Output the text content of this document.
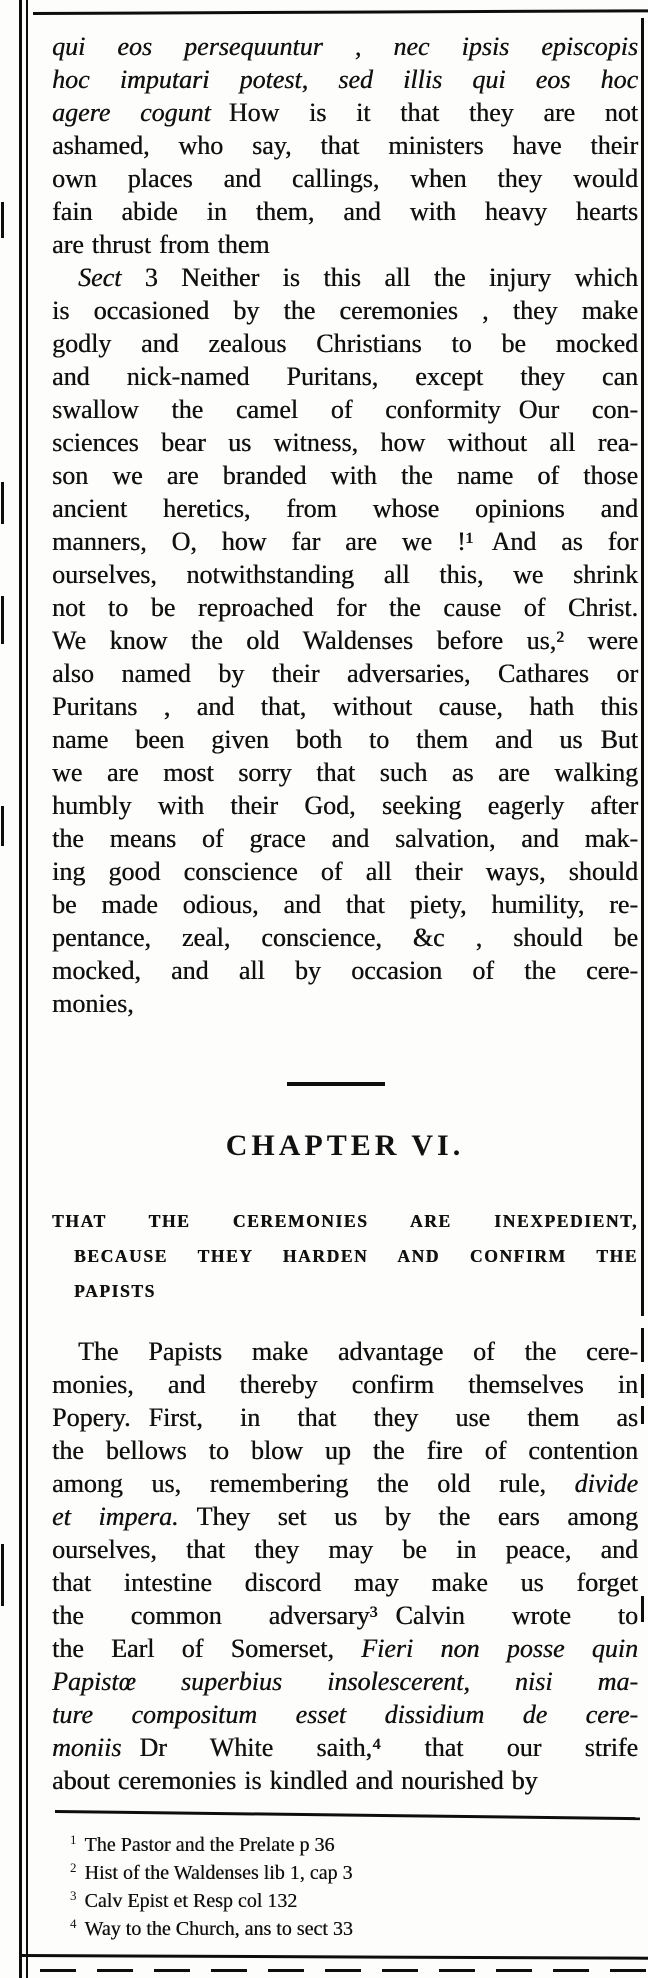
qui eos persequuntur , nec ipsis episcopis
hoc imputari potest, sed illis qui eos hoc
agere cogunt How is it that they are not
ashamed, who say, that ministers have their
own places and callings, when they would
fain abide in them, and with heavy hearts
are thrust from them
Sect 3 Neither is this all the injury which
is occasioned by the ceremonies , they make
godly and zealous Christians to be mocked
and nick-named Puritans, except they can
swallow the camel of conformity Our con-
sciences bear us witness, how without all rea-
son we are branded with the name of those
ancient heretics, from whose opinions and
manners, O, how far are we !¹ And as for
ourselves, notwithstanding all this, we shrink
not to be reproached for the cause of Christ.
We know the old Waldenses before us,² were
also named by their adversaries, Cathares or
Puritans , and that, without cause, hath this
name been given both to them and us But
we are most sorry that such as are walking
humbly with their God, seeking eagerly after
the means of grace and salvation, and mak-
ing good conscience of all their ways, should
be made odious, and that piety, humility, re-
pentance, zeal, conscience, &c , should be
mocked, and all by occasion of the cere-
monies,
CHAPTER VI.
THAT THE CEREMONIES ARE INEXPEDIENT,
BECAUSE THEY HARDEN AND CONFIRM THE
PAPISTS
The Papists make advantage of the cere-
monies, and thereby confirm themselves in
Popery. First, in that they use them as
the bellows to blow up the fire of contention
among us, remembering the old rule, divide
et impera. They set us by the ears among
ourselves, that they may be in peace, and
that intestine discord may make us forget
the common adversary³ Calvin wrote to
the Earl of Somerset, Fieri non posse quin
Papistœ superbius insolescerent, nisi ma-
ture compositum esset dissidium de cere-
moniis Dr White saith,⁴ that our strife
about ceremonies is kindled and nourished by
$^1$ The Pastor and the Prelate p 36
$^2$ Hist of the Waldenses lib 1, cap 3
$^3$ Calv Epist et Resp col 132
$^4$ Way to the Church, ans to sect 33
